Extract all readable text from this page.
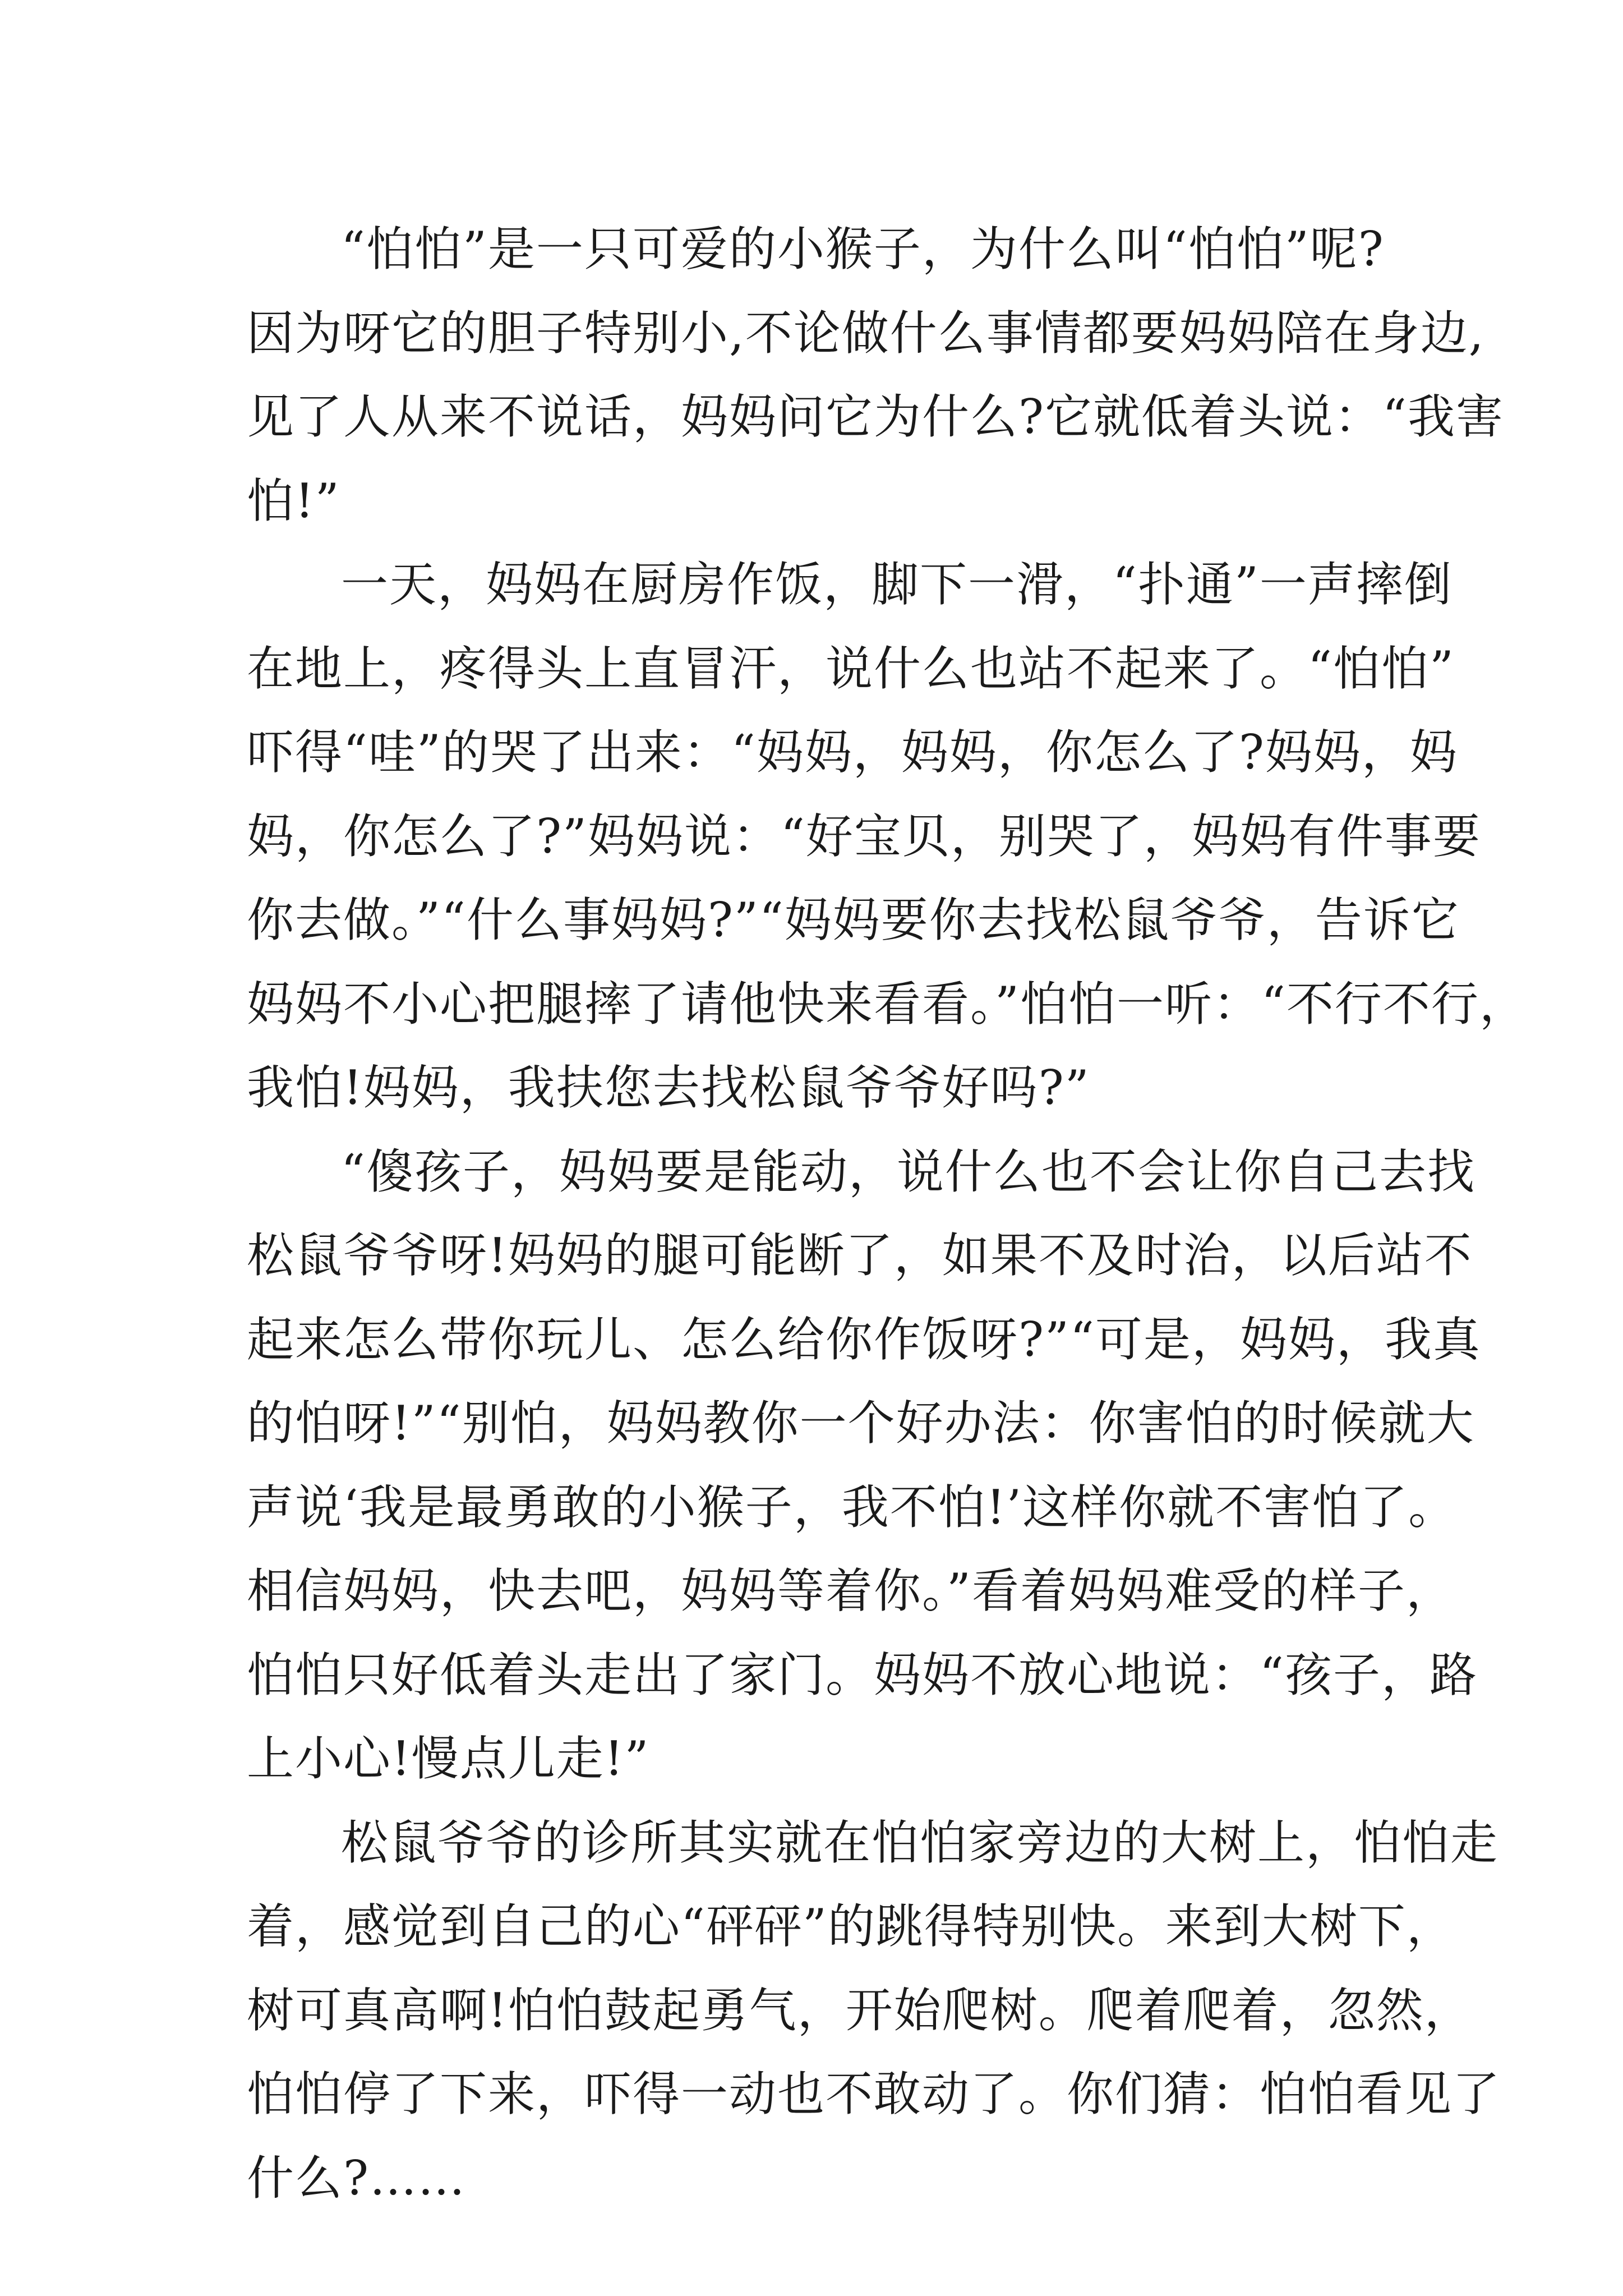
“怕怕”是一只可爱的小猴子，为什么叫“怕怕”呢?
因为呀它的胆子特别小,不论做什么事情都要妈妈陪在身边,
见了人从来不说话，妈妈问它为什么?它就低着头说：“我害
怕!”
一天，妈妈在厨房作饭，脚下一滑，“扑通”一声摔倒
在地上，疼得头上直冒汗，说什么也站不起来了。“怕怕”
吓得“哇”的哭了出来：“妈妈，妈妈，你怎么了?妈妈，妈
妈，你怎么了?”妈妈说：“好宝贝，别哭了，妈妈有件事要
你去做。”“什么事妈妈?”“妈妈要你去找松鼠爷爷，告诉它
妈妈不小心把腿摔了请他快来看看。”怕怕一听：“不行不行，
我怕!妈妈，我扶您去找松鼠爷爷好吗?”
“傻孩子，妈妈要是能动，说什么也不会让你自己去找
松鼠爷爷呀!妈妈的腿可能断了，如果不及时治，以后站不
起来怎么带你玩儿、怎么给你作饭呀?”“可是，妈妈，我真
的怕呀!”“别怕，妈妈教你一个好办法：你害怕的时候就大
声说‘我是最勇敢的小猴子，我不怕!’这样你就不害怕了。
相信妈妈，快去吧，妈妈等着你。”看着妈妈难受的样子，
怕怕只好低着头走出了家门。妈妈不放心地说：“孩子，路
上小心!慢点儿走!”
松鼠爷爷的诊所其实就在怕怕家旁边的大树上，怕怕走
着，感觉到自己的心“砰砰”的跳得特别快。来到大树下，
树可真高啊!怕怕鼓起勇气，开始爬树。爬着爬着，忽然，
怕怕停了下来，吓得一动也不敢动了。你们猜：怕怕看见了
什么?……
